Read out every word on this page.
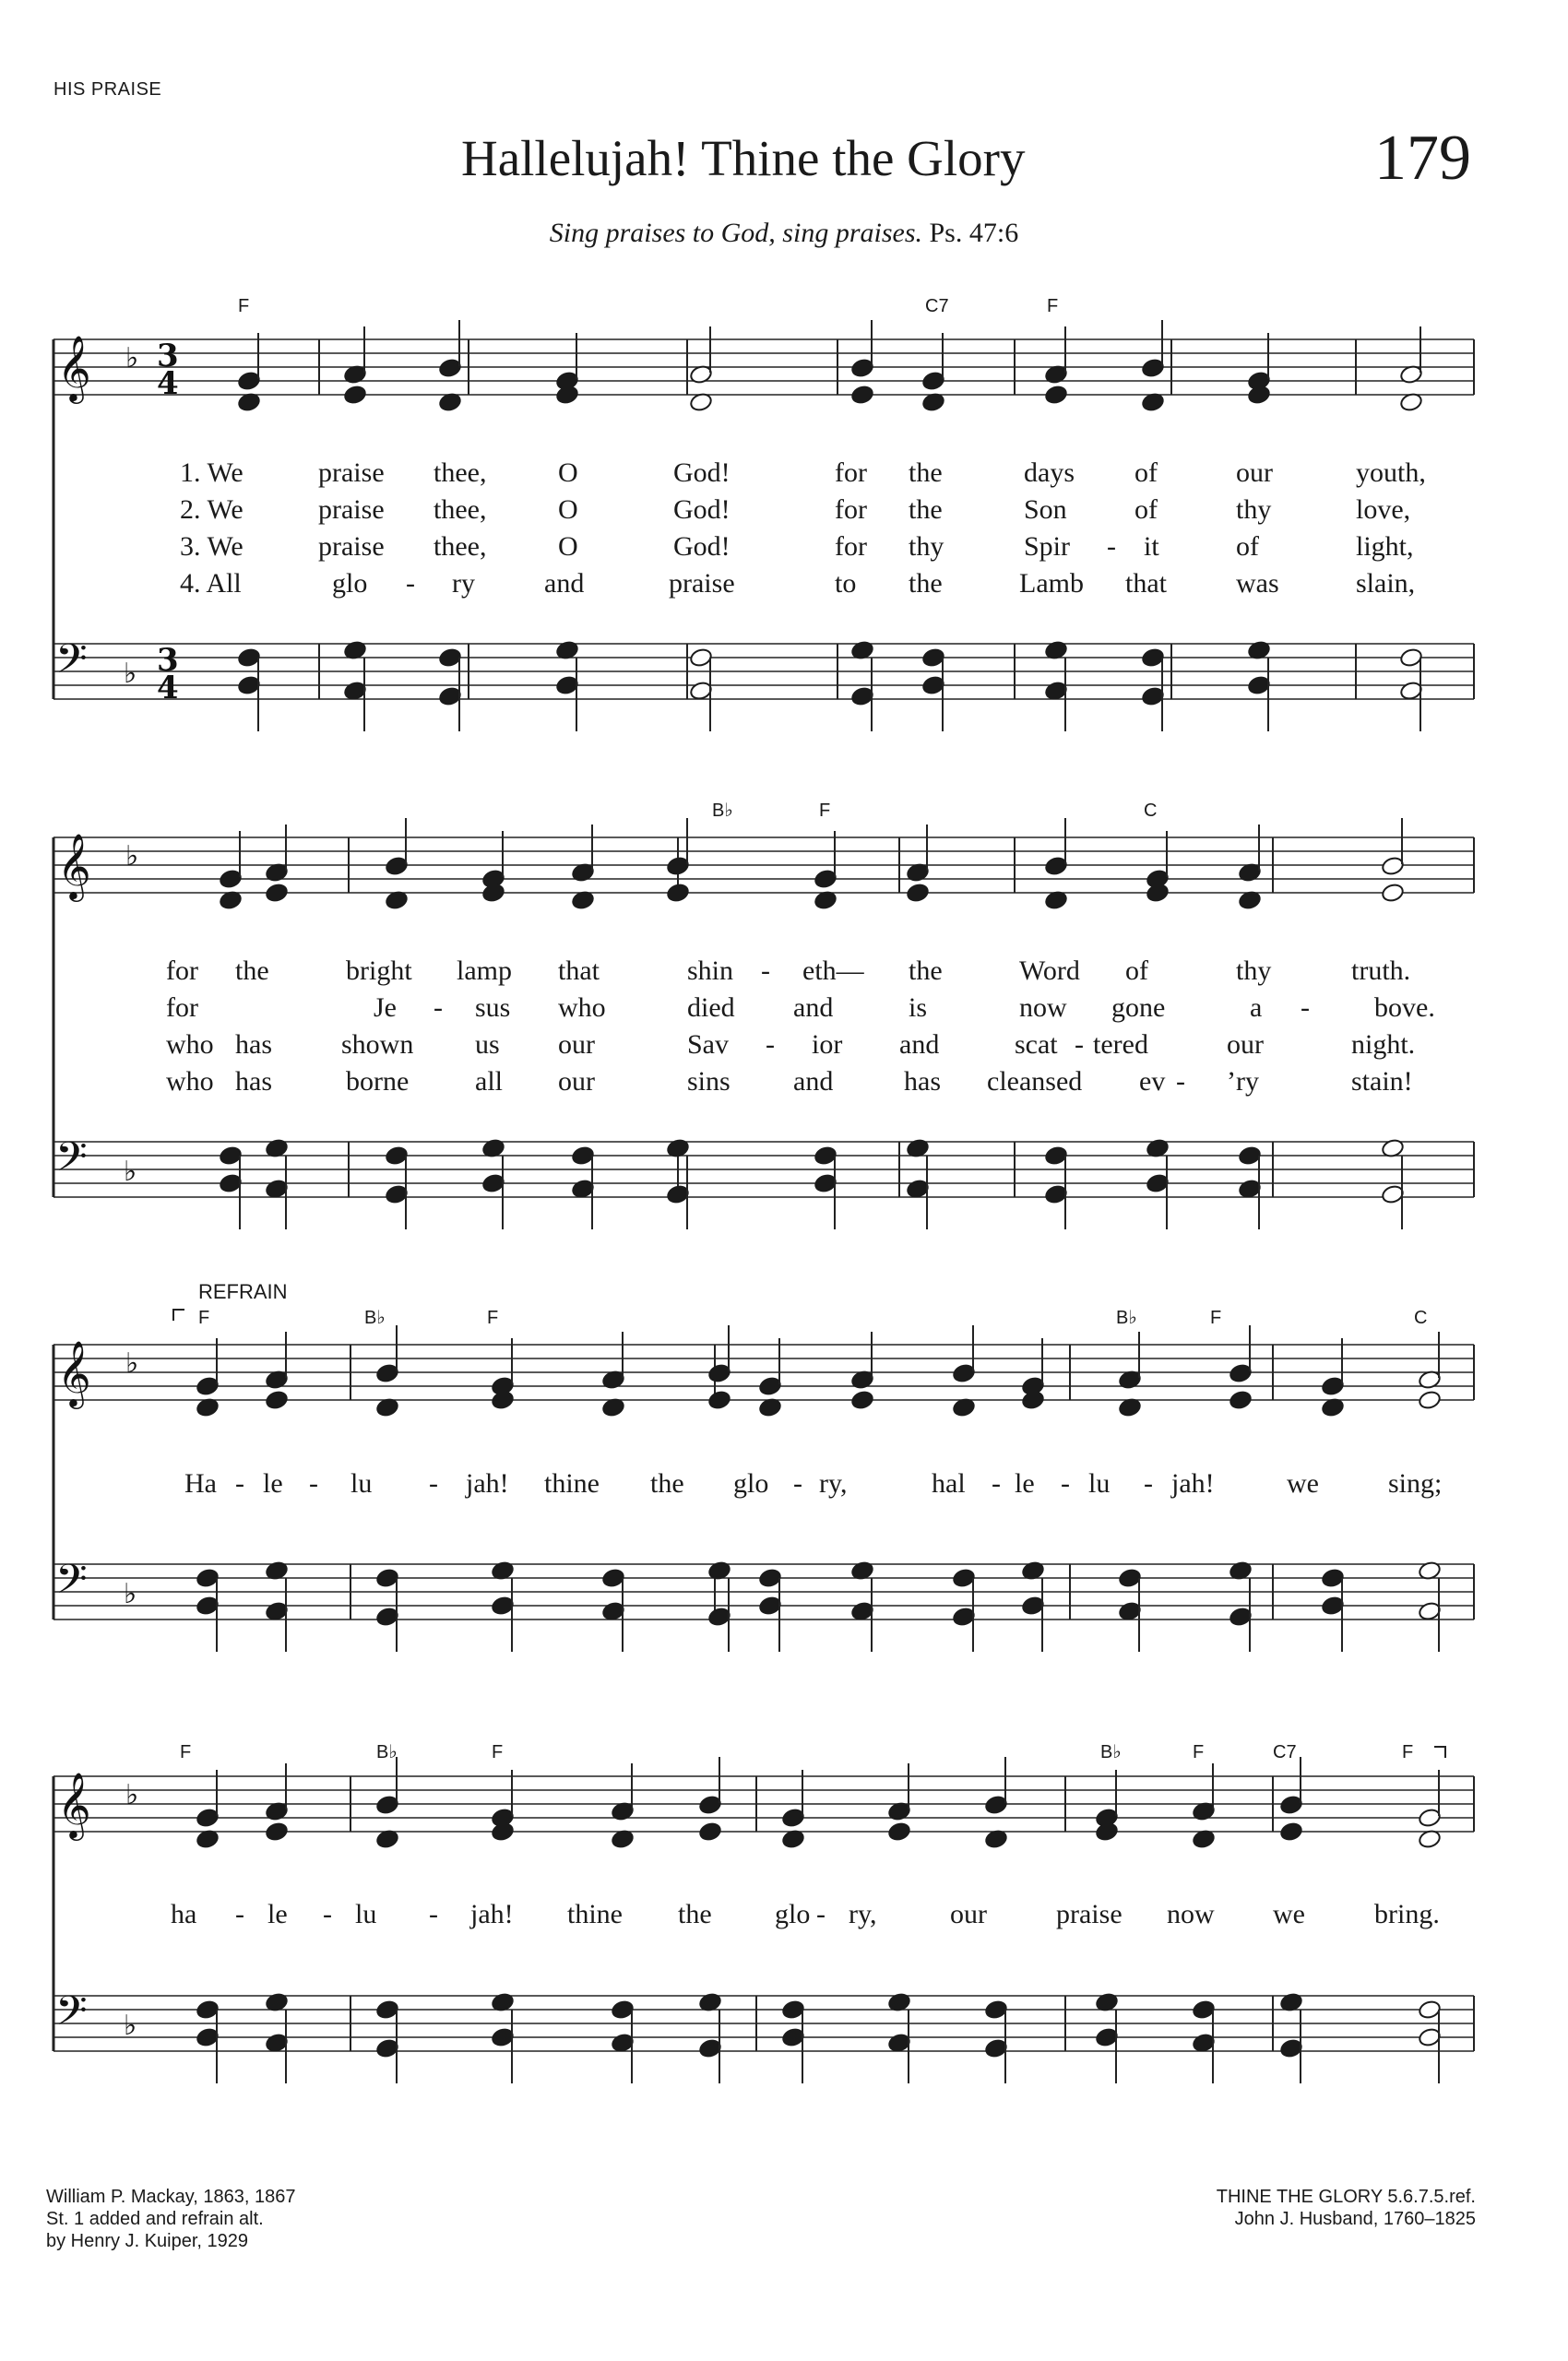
HIS PRAISE
Hallelujah! Thine the Glory	179
Sing praises to God, sing praises. Ps. 47:6
𝄞
𝄢
♭
♭
3
4
3
4
F	C7	F
1. We	praise thee,	O	God!	for the	days of	our	youth,
2. We	praise thee,	O	God!	for the	Son of	thy	love,
3. We	praise thee,	O	God!	for thy	Spir - it	of	light,
4. All	glo - ry	and	praise	to the	Lamb that	was	slain,
𝄞
𝄢
♭
♭
B♭	F	C
for the	bright lamp that	shin - eth— the	Word of	thy	truth.
for	Je - sus who	died and	is	now gone	a - bove.
who has	shown us our	Sav - ior and	scat - tered	our	night.
who has	borne all our	sins and	has cleansed ev - ’ry	stain!
𝄞
𝄢
♭
♭
REFRAIN
F	B♭	F	B♭	F	C
Ha - le - lu - jah! thine the glo - ry,	hal - le - lu - jah!	we	sing;
𝄞
𝄢
♭
♭
F	B♭	F	B♭	F	C7	F
ha - le - lu - jah! thine the glo - ry,	our	praise now we	bring.
William P. Mackay, 1863, 1867
St. 1 added and refrain alt.
by Henry J. Kuiper, 1929
THINE THE GLORY 5.6.7.5.ref.
John J. Husband, 1760–1825
